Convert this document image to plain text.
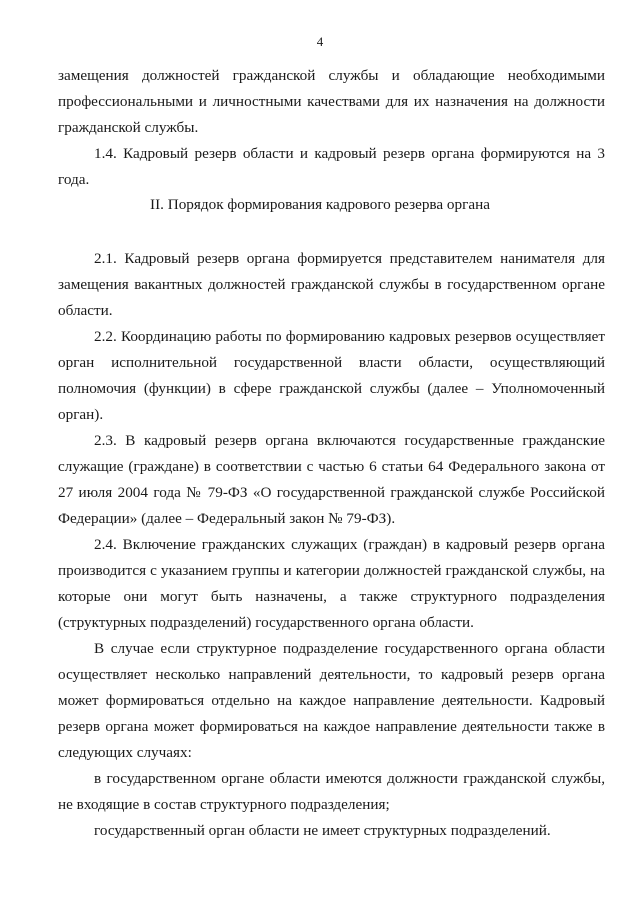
4
замещения должностей гражданской службы и обладающие необходимыми
профессиональными и личностными качествами для их назначения на должности
гражданской службы.
1.4. Кадровый резерв области и кадровый резерв органа формируются на 3
года.
II. Порядок формирования кадрового резерва органа
2.1. Кадровый резерв органа формируется представителем нанимателя для
замещения вакантных должностей гражданской службы в государственном органе
области.
2.2. Координацию работы по формированию кадровых резервов осуществляет
орган исполнительной государственной власти области, осуществляющий
полномочия (функции) в сфере гражданской службы (далее – Уполномоченный
орган).
2.3. В кадровый резерв органа включаются государственные гражданские
служащие (граждане) в соответствии с частью 6 статьи 64 Федерального закона от
27 июля 2004 года № 79-ФЗ «О государственной гражданской службе Российской
Федерации» (далее – Федеральный закон № 79-ФЗ).
2.4. Включение гражданских служащих (граждан) в кадровый резерв органа
производится с указанием группы и категории должностей гражданской службы, на
которые они могут быть назначены, а также структурного подразделения
(структурных подразделений) государственного органа области.
В случае если структурное подразделение государственного органа области
осуществляет несколько направлений деятельности, то кадровый резерв органа
может формироваться отдельно на каждое направление деятельности. Кадровый
резерв органа может формироваться на каждое направление деятельности также в
следующих случаях:
в государственном органе области имеются должности гражданской службы,
не входящие в состав структурного подразделения;
государственный орган области не имеет структурных подразделений.
